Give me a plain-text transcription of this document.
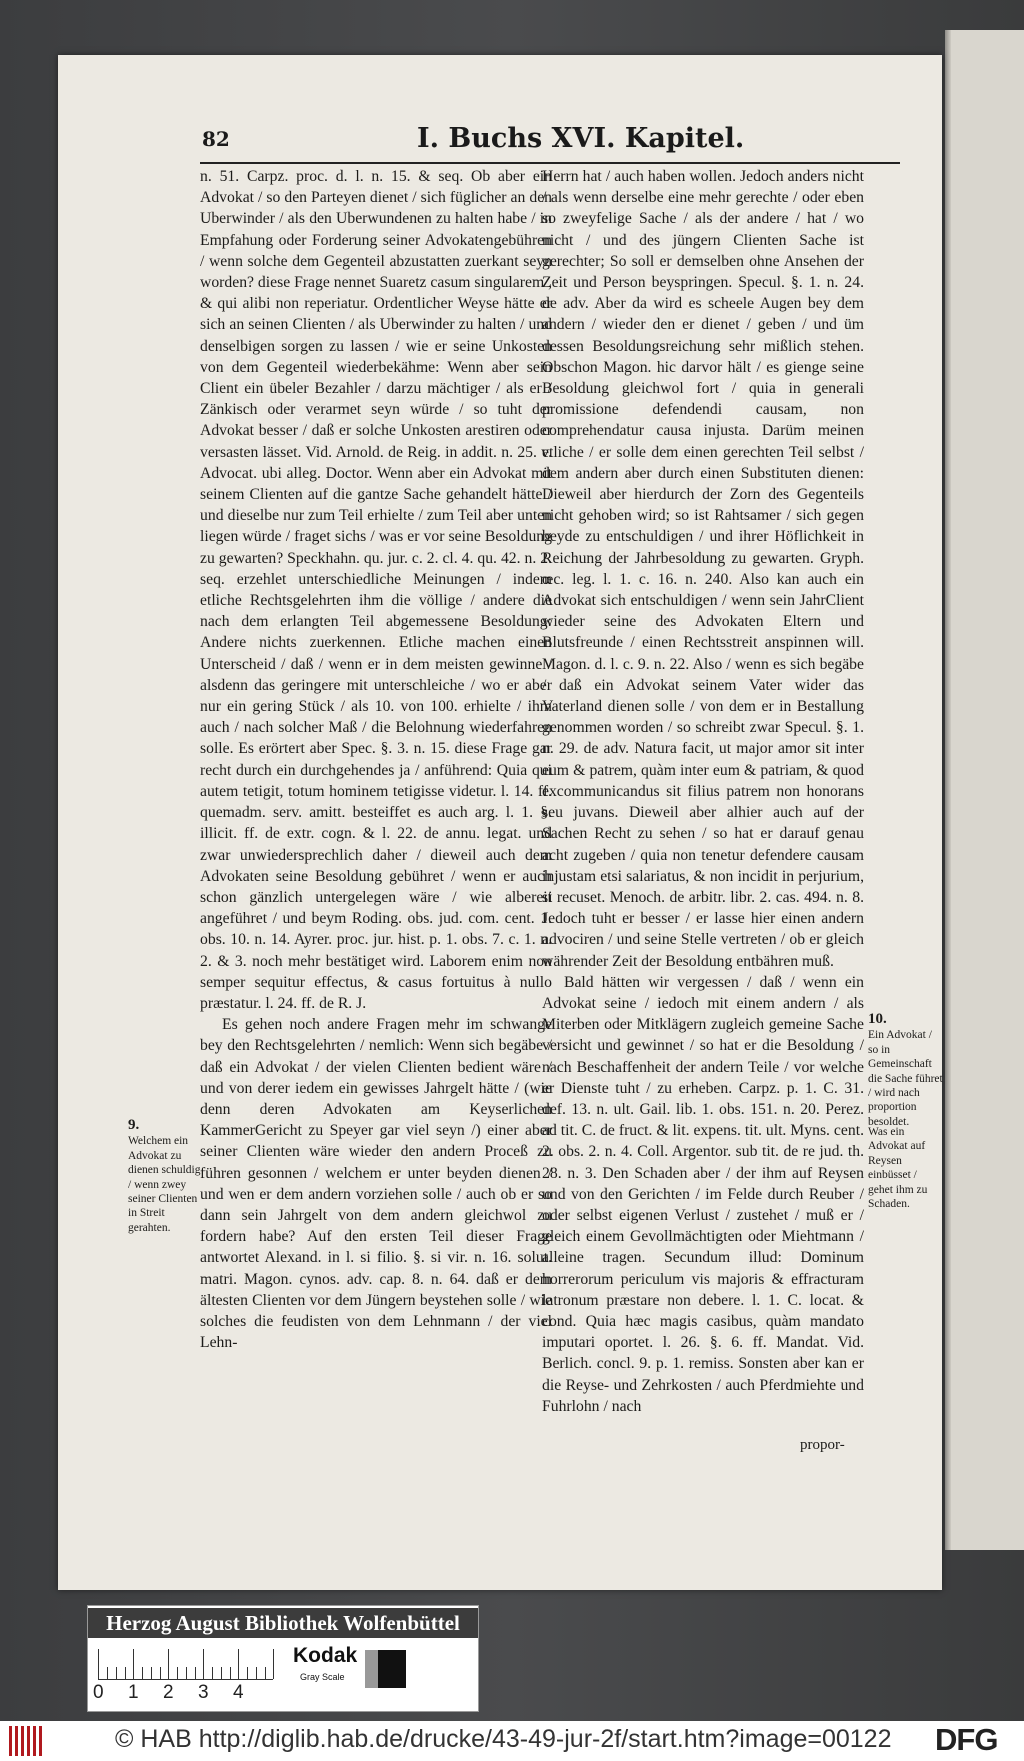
82	I. Buchs XVI. Kapitel.

n. 51. Carpz. proc. d. l. n. 15. & seq. Ob aber ein Advokat / so den Parteyen dienet / sich füglicher an den Uberwinder / als den Uberwundenen zu halten habe / in Empfahung oder Forderung seiner Advokatengebühren / wenn solche dem Gegenteil abzustatten zuerkant seyn worden? diese Frage nennet Suaretz casum singularem , & qui alibi non reperiatur. Ordentlicher Weyse hätte er sich an seinen Clienten / als Uberwinder zu halten / und denselbigen sorgen zu lassen / wie er seine Unkosten von dem Gegenteil wiederbekähme: Wenn aber sein Client ein übeler Bezahler / darzu mächtiger / als er / Zänkisch oder verarmet seyn würde / so tuht der Advokat besser / daß er solche Unkosten arestiren oder versasten lässet. Vid. Arnold. de Reig. in addit. n. 25. v. Advocat. ubi alleg. Doctor. Wenn aber ein Advokat mit seinem Clienten auf die gantze Sache gehandelt hätte / und dieselbe nur zum Teil erhielte / zum Teil aber unten liegen würde / fraget sichs / was er vor seine Besoldung zu gewarten? Speckhahn. qu. jur. c. 2. cl. 4. qu. 42. n. 2. seq. erzehlet unterschiedliche Meinungen / indem etliche Rechtsgelehrten ihm die völlige / andere die nach dem erlangten Teil abgemessene Besoldung: Andere nichts zuerkennen. Etliche machen einen Unterscheid / daß / wenn er in dem meisten gewinne / alsdenn das geringere mit unterschleiche / wo er aber nur ein gering Stück / als 10. von 100. erhielte / ihm auch / nach solcher Maß / die Belohnung wiederfahren solle. Es erörtert aber Spec. §. 3. n. 15. diese Frage gar recht durch ein durchgehendes ja / anführend: Quia qui autem tetigit, totum hominem tetigisse videtur. l. 14. ff. quemadm. serv. amitt. besteiffet es auch arg. l. 1. §. illicit. ff. de extr. cogn. & l. 22. de annu. legat. und zwar unwiedersprechlich daher / dieweil auch dem Advokaten seine Besoldung gebühret / wenn er auch schon gänzlich untergelegen wäre / wie albereit angeführet / und beym Roding. obs. jud. com. cent. 1. obs. 10. n. 14. Ayrer. proc. jur. hist. p. 1. obs. 7. c. 1. n. 2. & 3. noch mehr bestätiget wird. Laborem enim non semper sequitur effectus, & casus fortuitus à nullo præstatur. l. 24. ff. de R. J.

Es gehen noch andere Fragen mehr im schwange bey den Rechtsgelehrten / nemlich: Wenn sich begäbe / daß ein Advokat / der vielen Clienten bedient wäre / und von derer iedem ein gewisses Jahrgelt hätte / (wie denn deren Advokaten am Keyserlichen KammerGericht zu Speyer gar viel seyn /) einer aber seiner Clienten wäre wieder den andern Proceß zu führen gesonnen / welchem er unter beyden dienen / und wen er dem andern vorziehen solle / auch ob er so dann sein Jahrgelt von dem andern gleichwol zu fordern habe? Auf den ersten Teil dieser Frage antwortet Alexand. in l. si filio. §. si vir. n. 16. solut. matri. Magon. cynos. adv. cap. 8. n. 64. daß er dem ältesten Clienten vor dem Jüngern beystehen solle / wie solches die feudisten von dem Lehnmann / der viel Lehn-

Herrn hat / auch haben wollen. Jedoch anders nicht / als wenn derselbe eine mehr gerechte / oder eben so zweyfelige Sache / als der andere / hat / wo nicht / und des jüngern Clienten Sache ist gerechter; So soll er demselben ohne Ansehen der Zeit und Person beyspringen. Specul. §. 1. n. 24. de adv. Aber da wird es scheele Augen bey dem andern / wieder den er dienet / geben / und üm dessen Besoldungsreichung sehr mißlich stehen. Obschon Magon. hic darvor hält / es gienge seine Besoldung gleichwol fort / quia in generali promissione defendendi causam, non comprehendatur causa injusta. Darüm meinen etliche / er solle dem einen gerechten Teil selbst / dem andern aber durch einen Substituten dienen: Dieweil aber hierdurch der Zorn des Gegenteils nicht gehoben wird; so ist Rahtsamer / sich gegen beyde zu entschuldigen / und ihrer Höflichkeit in Reichung der Jahrbesoldung zu gewarten. Gryph. œc. leg. l. 1. c. 16. n. 240. Also kan auch ein Advokat sich entschuldigen / wenn sein JahrClient wieder seine des Advokaten Eltern und Blutsfreunde / einen Rechtsstreit anspinnen will. Magon. d. l. c. 9. n. 22. Also / wenn es sich begäbe / daß ein Advokat seinem Vater wider das Vaterland dienen solle / von dem er in Bestallung genommen worden / so schreibt zwar Specul. §. 1. n. 29. de adv. Natura facit, ut major amor sit inter eum & patrem, quàm inter eum & patriam, & quod excommunicandus sit filius patrem non honorans seu juvans. Dieweil aber alhier auch auf der Sachen Recht zu sehen / so hat er darauf genau acht zugeben / quia non tenetur defendere causam injustam etsi salariatus, & non incidit in perjurium, si recuset. Menoch. de arbitr. libr. 2. cas. 494. n. 8. Jedoch tuht er besser / er lasse hier einen andern advociren / und seine Stelle vertreten / ob er gleich währender Zeit der Besoldung entbähren muß.

Bald hätten wir vergessen / daß / wenn ein Advokat seine / iedoch mit einem andern / als Miterben oder Mitklägern zugleich gemeine Sache versicht und gewinnet / so hat er die Besoldung / nach Beschaffenheit der andern Teile / vor welche er Dienste tuht / zu erheben. Carpz. p. 1. C. 31. def. 13. n. ult. Gail. lib. 1. obs. 151. n. 20. Perez. ad tit. C. de fruct. & lit. expens. tit. ult. Myns. cent. 2. obs. 2. n. 4. Coll. Argentor. sub tit. de re jud. th. 28. n. 3. Den Schaden aber / der ihm auf Reysen und von den Gerichten / im Felde durch Reuber / oder selbst eigenen Verlust / zustehet / muß er / gleich einem Gevollmächtigten oder Miehtmann / alleine tragen. Secundum illud: Dominum horrerorum periculum vis majoris & effracturam latronum præstare non debere. l. 1. C. locat. & cond. Quia hæc magis casibus, quàm mandato imputari oportet. l. 26. §. 6. ff. Mandat. Vid. Berlich. concl. 9. p. 1. remiss. Sonsten aber kan er die Reyse- und Zehrkosten / auch Pferdmiehte und Fuhrlohn / nach

propor-
9.
Welchem ein Advokat zu dienen schuldig / wenn zwey seiner Clienten in Streit gerahten.
10.
Ein Advokat / so in Gemeinschaft die Sache führet / wird nach proportion besoldet.
Was ein Advokat auf Reysen einbüsset / gehet ihm zu Schaden.
Herzog August Bibliothek Wolfenbüttel
0 1 2 3 4
Kodak
Gray Scale
© HAB http://diglib.hab.de/drucke/43-49-jur-2f/start.htm?image=00122 DFG
